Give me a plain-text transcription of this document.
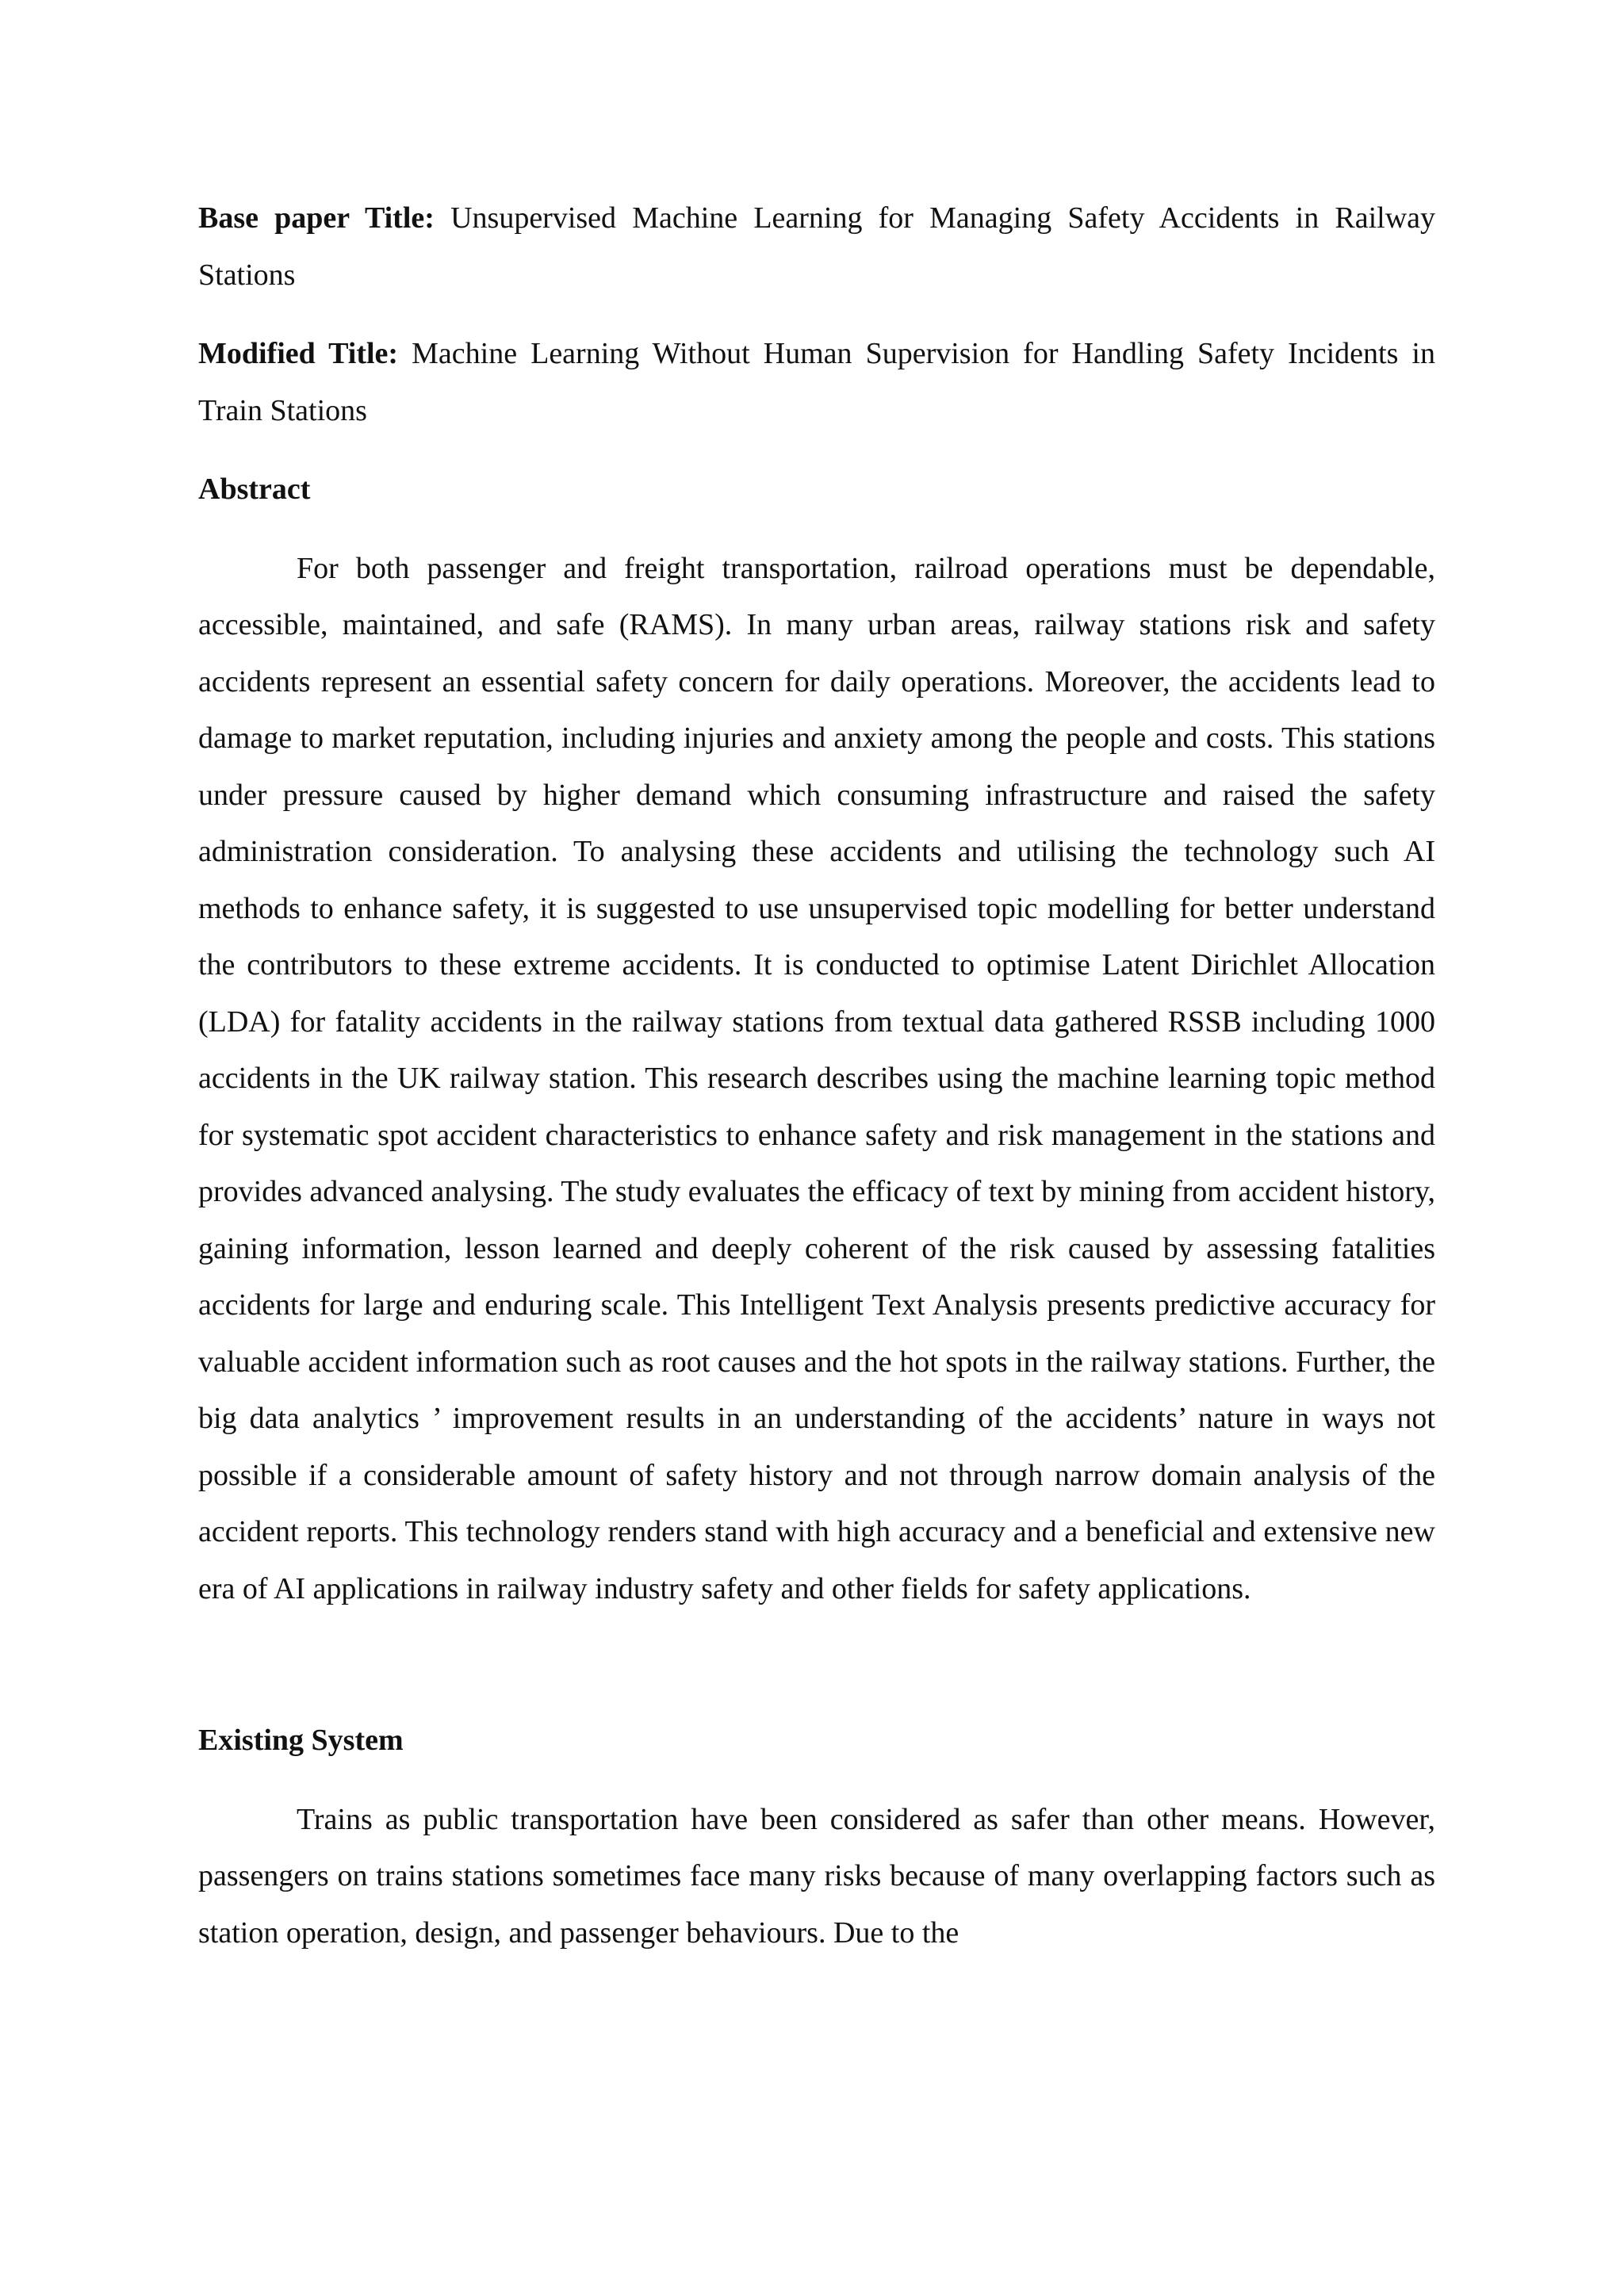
Base paper Title: Unsupervised Machine Learning for Managing Safety Accidents in Railway Stations

Modified Title: Machine Learning Without Human Supervision for Handling Safety Incidents in Train Stations

Abstract

For both passenger and freight transportation, railroad operations must be dependable, accessible, maintained, and safe (RAMS). In many urban areas, railway stations risk and safety accidents represent an essential safety concern for daily operations. Moreover, the accidents lead to damage to market reputation, including injuries and anxiety among the people and costs. This stations under pressure caused by higher demand which consuming infrastructure and raised the safety administration consideration. To analysing these accidents and utilising the technology such AI methods to enhance safety, it is suggested to use unsupervised topic modelling for better understand the contributors to these extreme accidents. It is conducted to optimise Latent Dirichlet Allocation (LDA) for fatality accidents in the railway stations from textual data gathered RSSB including 1000 accidents in the UK railway station. This research describes using the machine learning topic method for systematic spot accident characteristics to enhance safety and risk management in the stations and provides advanced analysing. The study evaluates the efficacy of text by mining from accident history, gaining information, lesson learned and deeply coherent of the risk caused by assessing fatalities accidents for large and enduring scale. This Intelligent Text Analysis presents predictive accuracy for valuable accident information such as root causes and the hot spots in the railway stations. Further, the big data analytics ’ improvement results in an understanding of the accidents’ nature in ways not possible if a considerable amount of safety history and not through narrow domain analysis of the accident reports. This technology renders stand with high accuracy and a beneficial and extensive new era of AI applications in railway industry safety and other fields for safety applications.

Existing System

Trains as public transportation have been considered as safer than other means. However, passengers on trains stations sometimes face many risks because of many overlapping factors such as station operation, design, and passenger behaviours. Due to the
